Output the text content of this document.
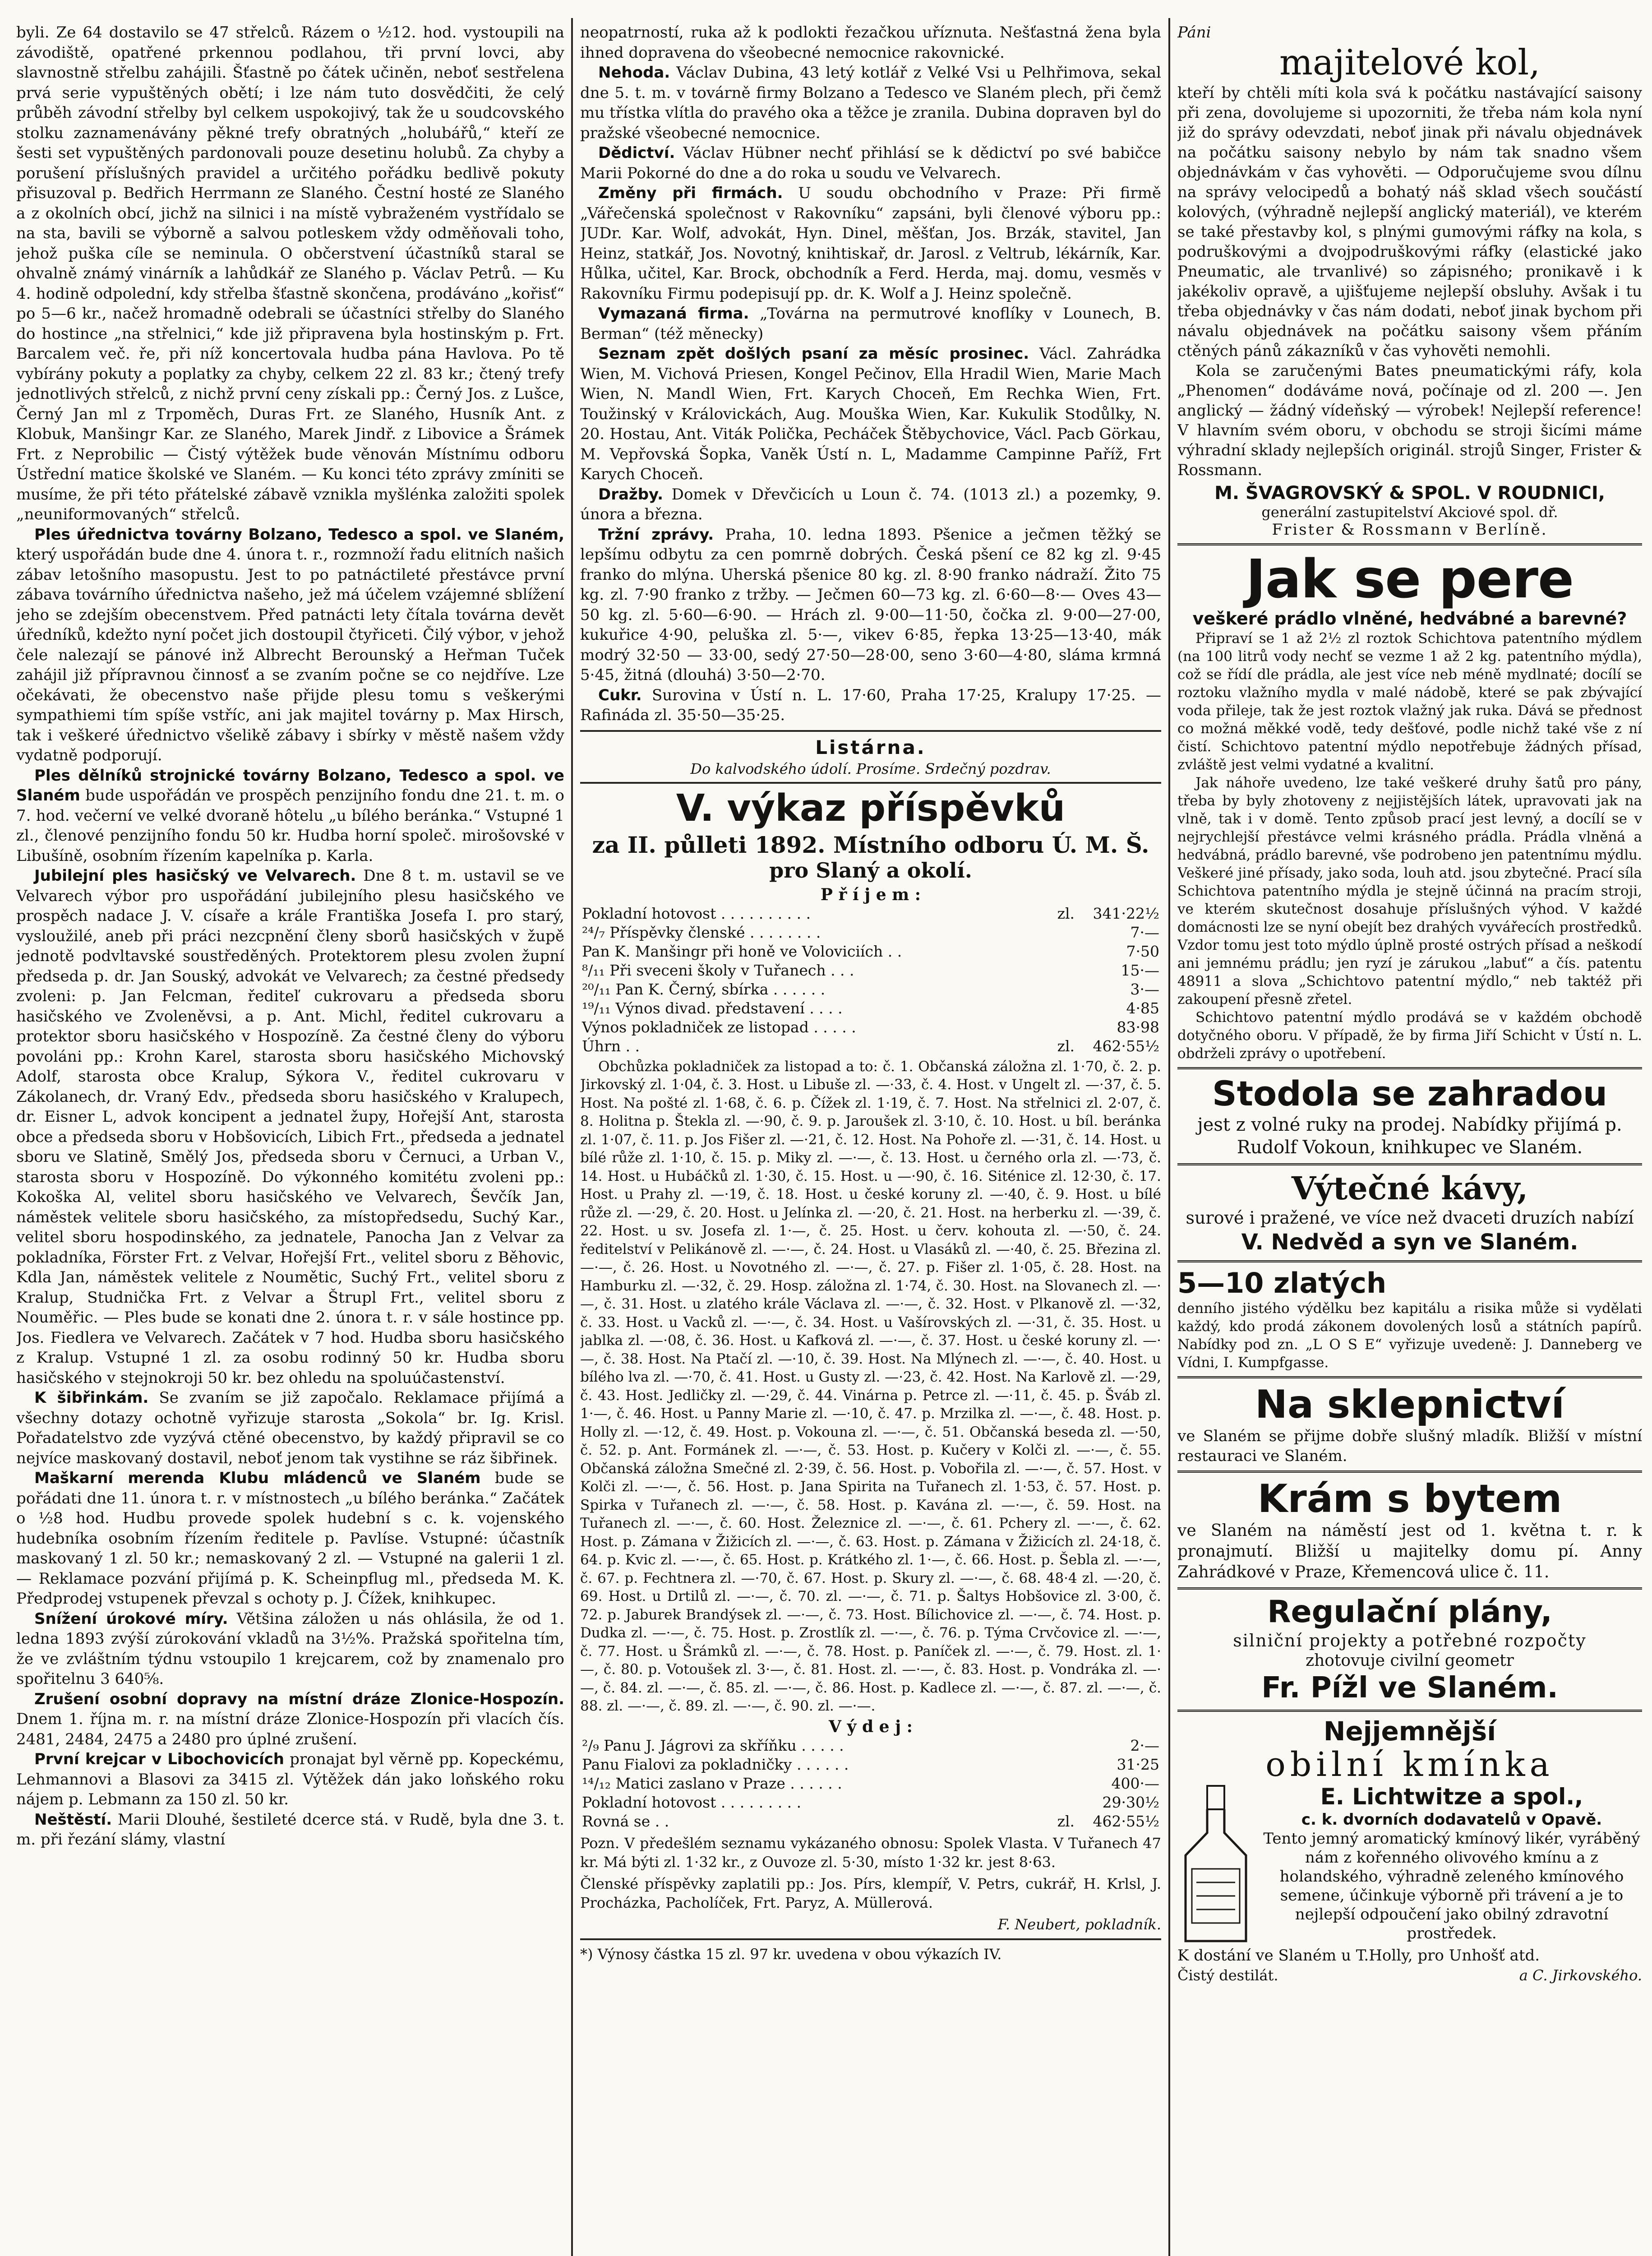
byli. Ze 64 dostavilo se 47 střelců. Rázem o ½12. hod. vystoupili na závodiště, opatřené prkennou podlahou, tři první lovci, aby slavnostně střelbu zahájili. Šťastně po čátek učiněn, neboť sestřelena prvá serie vypuštěných obětí; i lze nám tuto dosvědčiti, že celý průběh závodní střelby byl celkem uspokojivý, tak že u soudcovského stolku zaznamenávány pěkné trefy obratných „holubářů,“ kteří ze šesti set vypuštěných pardonovali pouze desetinu holubů. Za chyby a porušení příslušných pravidel a určitého pořádku bedlivě pokuty přisuzoval p. Bedřich Herrmann ze Slaného. Čestní hosté ze Slaného a z okolních obcí, jichž na silnici i na místě vybraženém vystřídalo se na sta, bavili se výborně a salvou potleskem vždy odměňovali toho, jehož puška cíle se neminula. O občerstvení účastníků staral se ohvalně známý vinárník a lahůdkář ze Slaného p. Václav Petrů. — Ku 4. hodině odpolední, kdy střelba šťastně skončena, prodáváno „kořisť“ po 5—6 kr., načež hromadně odebrali se účastníci střelby do Slaného do hostince „na střelnici,“ kde již připravena byla hostinským p. Frt. Barcalem več. ře, při níž koncertovala hudba pána Havlova. Po tě vybírány pokuty a poplatky za chyby, celkem 22 zl. 83 kr.; čtený trefy jednotlivých střelců, z nichž první ceny získali pp.: Černý Jos. z Lušce, Černý Jan ml z Trpoměch, Duras Frt. ze Slaného, Husník Ant. z Klobuk, Manšingr Kar. ze Slaného, Marek Jindř. z Libovice a Šrámek Frt. z Neprobilic — Čistý výtěžek bude věnován Místnímu odboru Ústřední matice školské ve Slaném. — Ku konci této zprávy zmíniti se musíme, že při této přátelské zábavě vznikla myšlénka založiti spolek „neuniformovaných“ střelců.

Ples úřednictva továrny Bolzano, Tedesco a spol. ve Slaném, který uspořádán bude dne 4. února t. r., rozmnoží řadu elitních našich zábav letošního masopustu. Jest to po patnáctileté přestávce první zábava továrního úřednictva našeho, jež má účelem vzájemné sblížení jeho se zdejším obecenstvem. Před patnácti lety čítala továrna devět úředníků, kdežto nyní počet jich dostoupil čtyřiceti. Čilý výbor, v jehož čele nalezají se pánové inž Albrecht Berounský a Heřman Tuček zahájil již přípravnou činnosť a se zvaním počne se co nejdříve. Lze očekávati, že obecenstvo naše přijde plesu tomu s veškerými sympathiemi tím spíše vstříc, ani jak majitel továrny p. Max Hirsch, tak i veškeré úřednictvo všelikě zábavy i sbírky v městě našem vždy vydatně podporují.

Ples dělníků strojnické továrny Bolzano, Tedesco a spol. ve Slaném bude uspořádán ve prospěch penzijního fondu dne 21. t. m. o 7. hod. večerní ve velké dvoraně hôtelu „u bílého beránka.“ Vstupné 1 zl., členové penzijního fondu 50 kr. Hudba horní společ. mirošovské v Libušíně, osobním řízením kapelníka p. Karla.

Jubilejní ples hasičský ve Velvarech. Dne 8 t. m. ustavil se ve Velvarech výbor pro uspořádání jubilejního plesu hasičského ve prospěch nadace J. V. císaře a krále Františka Josefa I. pro starý, vysloužilé, aneb při práci nezcpnění členy sborů hasičských v župě jednotě podvltavské soustředěných. Protektorem plesu zvolen župní předseda p. dr. Jan Souský, advokát ve Velvarech; za čestné předsedy zvoleni: p. Jan Felcman, řediteľ cukrovaru a předseda sboru hasičského ve Zvoleněvsi, a p. Ant. Michl, ředitel cukrovaru a protektor sboru hasičského v Hospozíně. Za čestné členy do výboru povoláni pp.: Krohn Karel, starosta sboru hasičského Michovský Adolf, starosta obce Kralup, Sýkora V., ředitel cukrovaru v Zákolanech, dr. Vraný Edv., předseda sboru hasičského v Kralupech, dr. Eisner L, advok koncipent a jednatel župy, Hořejší Ant, starosta obce a předseda sboru v Hobšovicích, Libich Frt., předseda a jednatel sboru ve Slatině, Smělý Jos, předseda sboru v Černuci, a Urban V., starosta sboru v Hospozíně. Do výkonného komitétu zvoleni pp.: Kokoška Al, velitel sboru hasičského ve Velvarech, Ševčík Jan, náměstek velitele sboru hasičského, za místopředsedu, Suchý Kar., velitel sboru hospodinského, za jednatele, Panocha Jan z Velvar za pokladníka, Förster Frt. z Velvar, Hořejší Frt., velitel sboru z Běhovic, Kdla Jan, náměstek velitele z Noumětic, Suchý Frt., velitel sboru z Kralup, Studnička Frt. z Velvar a Štrupl Frt., velitel sboru z Nouměřic. — Ples bude se konati dne 2. února t. r. v sále hostince pp. Jos. Fiedlera ve Velvarech. Začátek v 7 hod. Hudba sboru hasičského z Kralup. Vstupné 1 zl. za osobu rodinný 50 kr. Hudba sboru hasičského v stejnokroji 50 kr. bez ohledu na spoluúčastenství.

K šibřinkám. Se zvaním se již započalo. Reklamace přijímá a všechny dotazy ochotně vyřizuje starosta „Sokola“ br. Ig. Krisl. Pořadatelstvo zde vyzývá ctěné obecenstvo, by každý připravil se co nejvíce maskovaný dostavil, neboť jenom tak vystihne se ráz šibřinek.

Maškarní merenda Klubu mládenců ve Slaném bude se pořádati dne 11. února t. r. v místnostech „u bílého beránka.“ Začátek o ½8 hod. Hudbu provede spolek hudební s c. k. vojenského hudebníka osobním řízením ředitele p. Pavlíse. Vstupné: účastník maskovaný 1 zl. 50 kr.; nemaskovaný 2 zl. — Vstupné na galerii 1 zl. — Reklamace pozvání přijímá p. K. Scheinpflug ml., předseda M. K. Předprodej vstupenek převzal s ochoty p. J. Čížek, knihkupec.

Snížení úrokové míry. Většina záložen u nás ohlásila, že od 1. ledna 1893 zvýší zúrokování vkladů na 3½%. Pražská spořitelna tím, že ve zvláštním týdnu vstoupilo 1 krejcarem, což by znamenalo pro spořitelnu 3 640⅝.

Zrušení osobní dopravy na místní dráze Zlonice-Hospozín. Dnem 1. října m. r. na místní dráze Zlonice-Hospozín při vlacích čís. 2481, 2484, 2475 a 2480 pro úplné zrušení.

První krejcar v Libochovicích pronajat byl věrně pp. Kopeckému, Lehmannovi a Blasovi za 3415 zl. Výtěžek dán jako loňského roku nájem p. Lebmann za 150 zl. 50 kr.

Neštěstí. Marii Dlouhé, šestileté dcerce stá. v Rudě, byla dne 3. t. m. při řezání slámy, vlastní

neopatrností, ruka až k podlokti řezačkou uříznuta. Nešťastná žena byla ihned dopravena do všeobecné nemocnice rakovnické.

Nehoda. Václav Dubina, 43 letý kotlář z Velké Vsi u Pelhřimova, sekal dne 5. t. m. v továrně firmy Bolzano a Tedesco ve Slaném plech, při čemž mu třístka vlítla do pravého oka a těžce je zranila. Dubina dopraven byl do pražské všeobecné nemocnice.

Dědictví. Václav Hübner nechť přihlásí se k dědictví po své babičce Marii Pokorné do dne a do roka u soudu ve Velvarech.

Změny při firmách. U soudu obchodního v Praze: Při firmě „Vářečenská společnost v Rakovníku“ zapsáni, byli členové výboru pp.: JUDr. Kar. Wolf, advokát, Hyn. Dinel, měšťan, Jos. Brzák, stavitel, Jan Heinz, statkář, Jos. Novotný, knihtiskař, dr. Jarosl. z Veltrub, lékárník, Kar. Hůlka, učitel, Kar. Brock, obchodník a Ferd. Herda, maj. domu, vesměs v Rakovníku Firmu podepisují pp. dr. K. Wolf a J. Heinz společně.

Vymazaná firma. „Továrna na permutrové knoflíky v Lounech, B. Berman“ (též měnecky)

Seznam zpět došlých psaní za měsíc prosinec. Václ. Zahrádka Wien, M. Vichová Priesen, Kongel Pečinov, Ella Hradil Wien, Marie Mach Wien, N. Mandl Wien, Frt. Karych Choceň, Em Rechka Wien, Frt. Toužinský v Královickách, Aug. Mouška Wien, Kar. Kukulik Stodůlky, N. 20. Hostau, Ant. Viták Polička, Pecháček Štěbychovice, Václ. Pacb Görkau, M. Vepřovská Šopka, Vaněk Ústí n. L, Madamme Campinne Paříž, Frt Karych Choceň.

Dražby. Domek v Dřevčicích u Loun č. 74. (1013 zl.) a pozemky, 9. února a března.

Tržní zprávy. Praha, 10. ledna 1893. Pšenice a ječmen těžký se lepšímu odbytu za cen pomrně dobrých. Česká pšení ce 82 kg zl. 9·45 franko do mlýna. Uherská pšenice 80 kg. zl. 8·90 franko nádraží. Žito 75 kg. zl. 7·90 franko z tržby. — Ječmen 60—73 kg. zl. 6·60—8·— Oves 43—50 kg. zl. 5·60—6·90. — Hrách zl. 9·00—11·50, čočka zl. 9·00—27·00, kukuřice 4·90, peluška zl. 5·—, vikev 6·85, řepka 13·25—13·40, mák modrý 32·50 — 33·00, sedý 27·50—28·00, seno 3·60—4·80, sláma krmná 5·45, žitná (dlouhá) 3·50—2·70.

Cukr. Surovina v Ústí n. L. 17·60, Praha 17·25, Kralupy 17·25. — Rafináda zl. 35·50—35·25.

Listárna.

Do kalvodského údolí. Prosíme. Srdečný pozdrav.

V. výkaz příspěvků

za II. půlleti 1892. Místního odboru Ú. M. Š.

pro Slaný a okolí.

P ř í j e m :

Pokladní hotovost . . . . . . . . . .	zl.	341·22½
²⁴/₇ Příspěvky členské . . . . . . . .		7·—
Pan K. Manšingr při honě ve Voloviciích . .		7·50
⁸/₁₁ Při sveceni školy v Tuřanech . . .		15·—
²⁰/₁₁ Pan K. Černý, sbírka . . . . . .		3·—
¹⁹/₁₁ Výnos divad. představení . . . .		4·85
Výnos pokladniček ze listopad . . . . .		83·98
Úhrn . .	zl.	462·55½

Obchůzka pokladniček za listopad a to: č. 1. Občanská záložna zl. 1·70, č. 2. p. Jirkovský zl. 1·04, č. 3. Host. u Libuše zl. —·33, č. 4. Host. v Ungelt zl. —·37, č. 5. Host. Na pošté zl. 1·68, č. 6. p. Čížek zl. 1·19, č. 7. Host. Na střelnici zl. 2·07, č. 8. Holitna p. Štekla zl. —·90, č. 9. p. Jaroušek zl. 3·10, č. 10. Host. u bíl. beránka zl. 1·07, č. 11. p. Jos Fišer zl. —·21, č. 12. Host. Na Pohoře zl. —·31, č. 14. Host. u bílé růže zl. 1·10, č. 15. p. Miky zl. —·—, č. 13. Host. u černého orla zl. —·73, č. 14. Host. u Hubáčků zl. 1·30, č. 15. Host. u —·90, č. 16. Siténice zl. 12·30, č. 17. Host. u Prahy zl. —·19, č. 18. Host. u české koruny zl. —·40, č. 9. Host. u bílé růže zl. —·29, č. 20. Host. u Jelínka zl. —·20, č. 21. Host. na herberku zl. —·39, č. 22. Host. u sv. Josefa zl. 1·—, č. 25. Host. u červ. kohouta zl. —·50, č. 24. ředitelství v Pelikánově zl. —·—, č. 24. Host. u Vlasáků zl. —·40, č. 25. Březina zl. —·—, č. 26. Host. u Novotného zl. —·—, č. 27. p. Fišer zl. 1·05, č. 28. Host. na Hamburku zl. —·32, č. 29. Hosp. záložna zl. 1·74, č. 30. Host. na Slovanech zl. —·—, č. 31. Host. u zlatého krále Václava zl. —·—, č. 32. Host. v Plkanově zl. —·32, č. 33. Host. u Vacků zl. —·—, č. 34. Host. u Vašírovských zl. —·31, č. 35. Host. u jablka zl. —·08, č. 36. Host. u Kafková zl. —·—, č. 37. Host. u české koruny zl. —·—, č. 38. Host. Na Ptačí zl. —·10, č. 39. Host. Na Mlýnech zl. —·—, č. 40. Host. u bílého lva zl. —·70, č. 41. Host. u Gusty zl. —·23, č. 42. Host. Na Karlově zl. —·29, č. 43. Host. Jedličky zl. —·29, č. 44. Vinárna p. Petrce zl. —·11, č. 45. p. Šváb zl. 1·—, č. 46. Host. u Panny Marie zl. —·10, č. 47. p. Mrzilka zl. —·—, č. 48. Host. p. Holly zl. —·12, č. 49. Host. p. Vokouna zl. —·—, č. 51. Občanská beseda zl. —·50, č. 52. p. Ant. Formánek zl. —·—, č. 53. Host. p. Kučery v Kolči zl. —·—, č. 55. Občanská záložna Smečné zl. 2·39, č. 56. Host. p. Vobořila zl. —·—, č. 57. Host. v Kolči zl. —·—, č. 56. Host. p. Jana Spirita na Tuřanech zl. 1·53, č. 57. Host. p. Spirka v Tuřanech zl. —·—, č. 58. Host. p. Kavána zl. —·—, č. 59. Host. na Tuřanech zl. —·—, č. 60. Host. Železnice zl. —·—, č. 61. Pchery zl. —·—, č. 62. Host. p. Zámana v Žižicích zl. —·—, č. 63. Host. p. Zámana v Žižicích zl. 24·18, č. 64. p. Kvic zl. —·—, č. 65. Host. p. Krátkého zl. 1·—, č. 66. Host. p. Šebla zl. —·—, č. 67. p. Fechtnera zl. —·70, č. 67. Host. p. Skury zl. —·—, č. 68. 48·4 zl. —·20, č. 69. Host. u Drtilů zl. —·—, č. 70. zl. —·—, č. 71. p. Šaltys Hobšovice zl. 3·00, č. 72. p. Jaburek Brandýsek zl. —·—, č. 73. Host. Bílichovice zl. —·—, č. 74. Host. p. Dudka zl. —·—, č. 75. Host. p. Zrostlík zl. —·—, č. 76. p. Týma Crvčovice zl. —·—, č. 77. Host. u Šrámků zl. —·—, č. 78. Host. p. Paníček zl. —·—, č. 79. Host. zl. 1·—, č. 80. p. Votoušek zl. 3·—, č. 81. Host. zl. —·—, č. 83. Host. p. Vondráka zl. —·—, č. 84. zl. —·—, č. 85. zl. —·—, č. 86. Host. p. Kadlece zl. —·—, č. 87. zl. —·—, č. 88. zl. —·—, č. 89. zl. —·—, č. 90. zl. —·—.

V ý d e j :

²/₉ Panu J. Jágrovi za skříňku . . . . .		2·—
Panu Fialovi za pokladničky . . . . . .		31·25
¹⁴/₁₂ Matici zaslano v Praze . . . . . .		400·—
Pokladní hotovost . . . . . . . . .		29·30½
Rovná se . .	zl.	462·55½

Pozn. V předešlém seznamu vykázaného obnosu: Spolek Vlasta. V Tuřanech 47 kr. Má býti zl. 1·32 kr., z Ouvoze zl. 5·30, místo 1·32 kr. jest 8·63.

Členské příspěvky zaplatili pp.: Jos. Pírs, klempíř, V. Petrs, cukrář, H. Krlsl, J. Procházka, Pacholíček, Frt. Paryz, A. Müllerová.

F. Neubert, pokladník.

*) Výnosy částka 15 zl. 97 kr. uvedena v obou výkazích IV.

Páni

majitelové kol,

kteří by chtěli míti kola svá k počátku nastávající saisony při zena, dovolujeme si upozorniti, že třeba nám kola nyní již do správy odevzdati, neboť jinak při návalu objednávek na počátku saisony nebylo by nám tak snadno všem objednávkám v čas vyhověti. — Odporučujeme svou dílnu na správy velocipedů a bohatý náš sklad všech součástí kolových, (výhradně nejlepší anglický materiál), ve kterém se také přestavby kol, s plnými gumovými ráfky na kola, s podruškovými a dvojpodruškovými ráfky (elastické jako Pneumatic, ale trvanlivé) so zápisného; pronikavě i k jakékoliv opravě, a ujišťujeme nejlepší obsluhy. Avšak i tu třeba objednávky v čas nám dodati, neboť jinak bychom při návalu objednávek na počátku saisony všem přáním ctěných pánů zákazníků v čas vyhověti nemohli.

Kola se zaručenými Bates pneumatickými ráfy, kola „Phenomen“ dodáváme nová, počínaje od zl. 200 —. Jen anglický — žádný vídeňský — výrobek! Nejlepší reference! V hlavním svém oboru, v obchodu se stroji šicími máme výhradní sklady nejlepších originál. strojů Singer, Frister & Rossmann.

M. ŠVAGROVSKÝ & SPOL. V ROUDNICI,

generální zastupitelství Akciové spol. dř.

Frister & Rossmann v Berlíně.

Jak se pere

veškeré prádlo vlněné, hedvábné a barevné?

Připraví se 1 až 2½ zl roztok Schichtova patentního mýdlem (na 100 litrů vody nechť se vezme 1 až 2 kg. patentního mýdla), což se řídí dle prádla, ale jest více neb méně mydlnaté; docílí se roztoku vlažního mydla v malé nádobě, které se pak zbývající voda přileje, tak že jest roztok vlažný jak ruka. Dává se přednost co možná měkké vodě, tedy dešťové, podle nichž také vše z ní čistí. Schichtovo patentní mýdlo nepotřebuje žádných přísad, zvláště jest velmi vydatné a kvalitní.

Jak náhoře uvedeno, lze také veškeré druhy šatů pro pány, třeba by byly zhotoveny z nejjistějších látek, upravovati jak na vlně, tak i v domě. Tento způsob prací jest levný, a docílí se v nejrychlejší přestávce velmi krásného prádla. Prádla vlněná a hedvábná, prádlo barevné, vše podrobeno jen patentnímu mýdlu. Veškeré jiné přísady, jako soda, louh atd. jsou zbytečné. Prací síla Schichtova patentního mýdla je stejně účinná na pracím stroji, ve kterém skutečnost dosahuje příslušných výhod. V každé domácnosti lze se nyní obejít bez drahých vyvářecích prostředků. Vzdor tomu jest toto mýdlo úplně prosté ostrých přísad a neškodí ani jemnému prádlu; jen ryzí je zárukou „labuť“ a čís. patentu 48911 a slova „Schichtovo patentní mýdlo,“ neb taktéž při zakoupení přesně zřetel.

Schichtovo patentní mýdlo prodává se v každém obchodě dotyčného oboru. V případě, že by firma Jiří Schicht v Ústí n. L. obdrželi zprávy o upotřebení.

Stodola se zahradou

jest z volné ruky na prodej. Nabídky přijímá p. Rudolf Vokoun, knihkupec ve Slaném.

Výtečné kávy,

surové i pražené, ve více než dvaceti druzích nabízí

V. Nedvěd a syn ve Slaném.

5—10 zlatých

denního jistého výdělku bez kapitálu a risika může si vydělati každý, kdo prodá zákonem dovolených losů a státních papírů. Nabídky pod zn. „L O S E“ vyřizuje uvedeně: J. Danneberg ve Vídni, I. Kumpfgasse.

Na sklepnictví

ve Slaném se přijme dobře slušný mladík. Bližší v místní restauraci ve Slaném.

Krám s bytem

ve Slaném na náměstí jest od 1. května t. r. k pronajmutí. Bližší u majitelky domu pí. Anny Zahrádkové v Praze, Křemencová ulice č. 11.

Regulační plány,

silniční projekty a potřebné rozpočty

zhotovuje civilní geometr

Fr. Pížl ve Slaném.

Nejjemnější

obilní kmínka

E. Lichtwitze a spol.,

c. k. dvorních dodavatelů v Opavě.

Tento jemný aromatický kmínový likér, vyráběný nám z kořenného olivového kmínu a z holandského, výhradně zeleného kmínového semene, účinkuje výborně při trávení a je to nejlepší odpoučení jako obilný zdravotní prostředek.

K dostání ve Slaném u T.Holly, pro Unhošť atd.

Čistý destilát.	a C. Jirkovského.
